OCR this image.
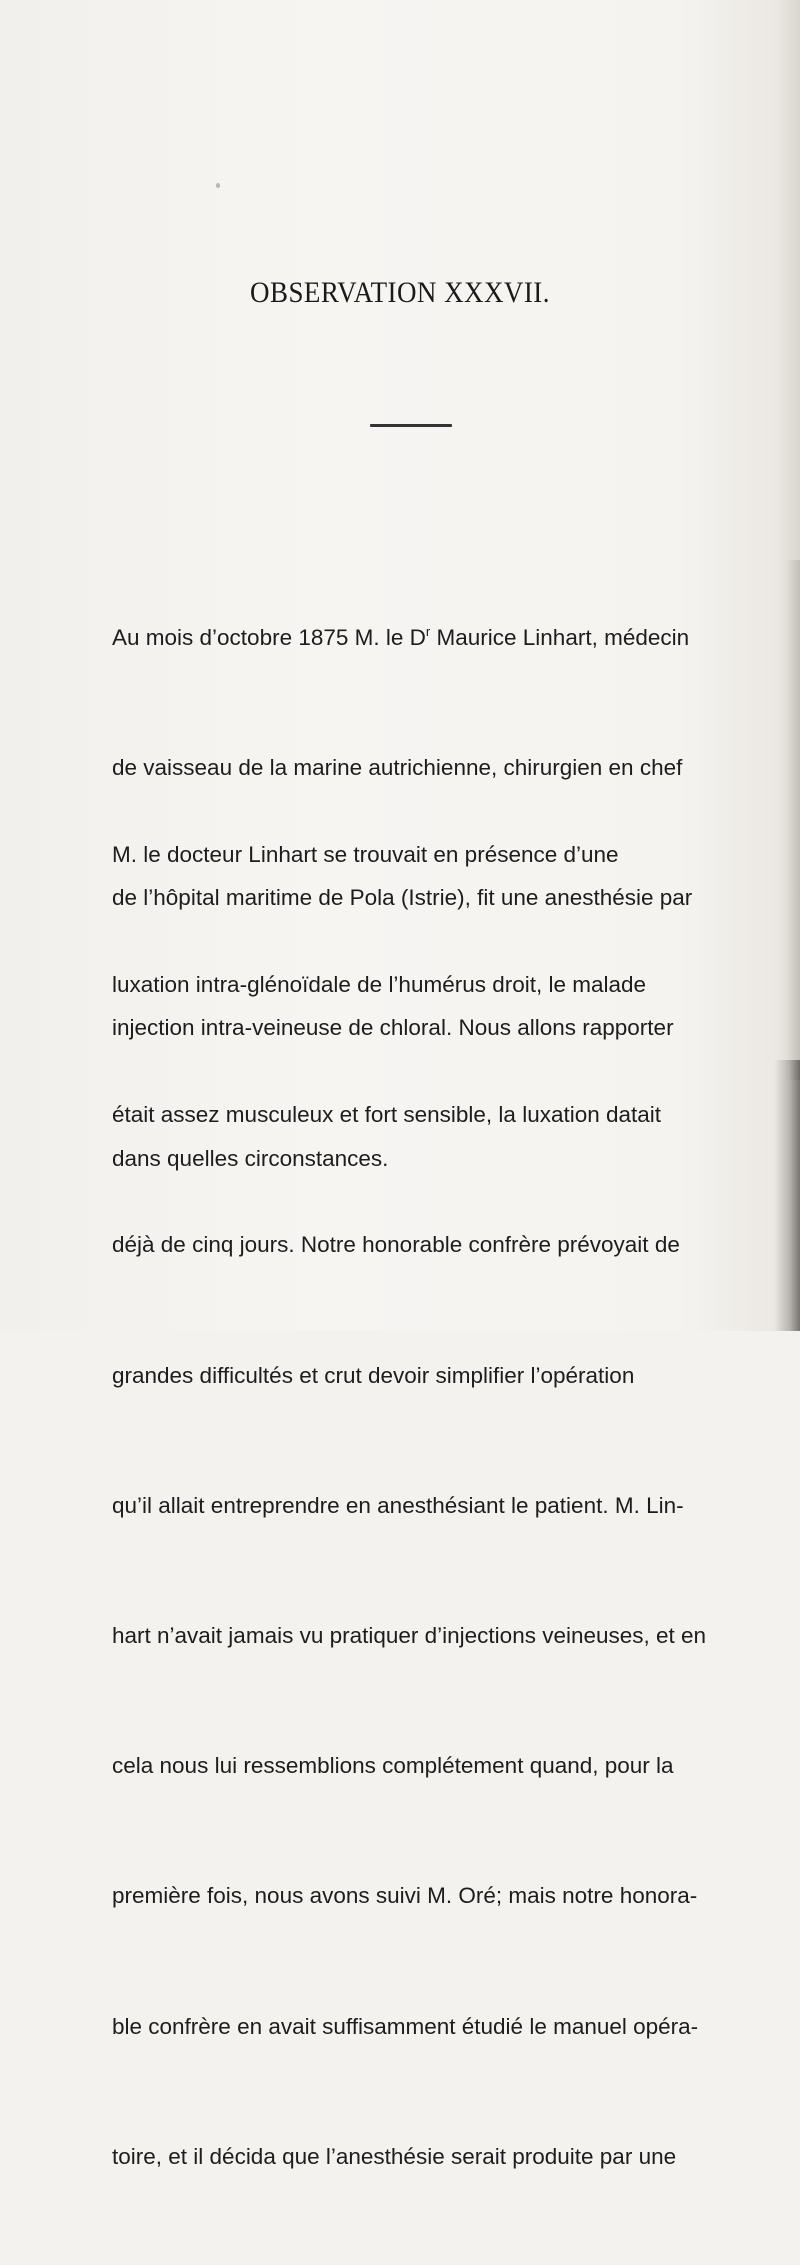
OBSERVATION XXXVII.

Au mois d’octobre 1875 M. le $D^r$ Maurice Linhart, médecin

de vaisseau de la marine autrichienne, chirurgien en chef

de l’hôpital maritime de Pola (Istrie), fit une anesthésie par

injection intra-veineuse de chloral. Nous allons rapporter

dans quelles circonstances.

M. le docteur Linhart se trouvait en présence d’une

luxation intra-glénoïdale de l’humérus droit, le malade

était assez musculeux et fort sensible, la luxation datait

déjà de cinq jours. Notre honorable confrère prévoyait de

grandes difficultés et crut devoir simplifier l’opération

qu’il allait entreprendre en anesthésiant le patient. M. Lin-

hart n’avait jamais vu pratiquer d’injections veineuses, et en

cela nous lui ressemblions complétement quand, pour la

première fois, nous avons suivi M. Oré; mais notre honora-

ble confrère en avait suffisamment étudié le manuel opéra-

toire, et il décida que l’anesthésie serait produite par une
